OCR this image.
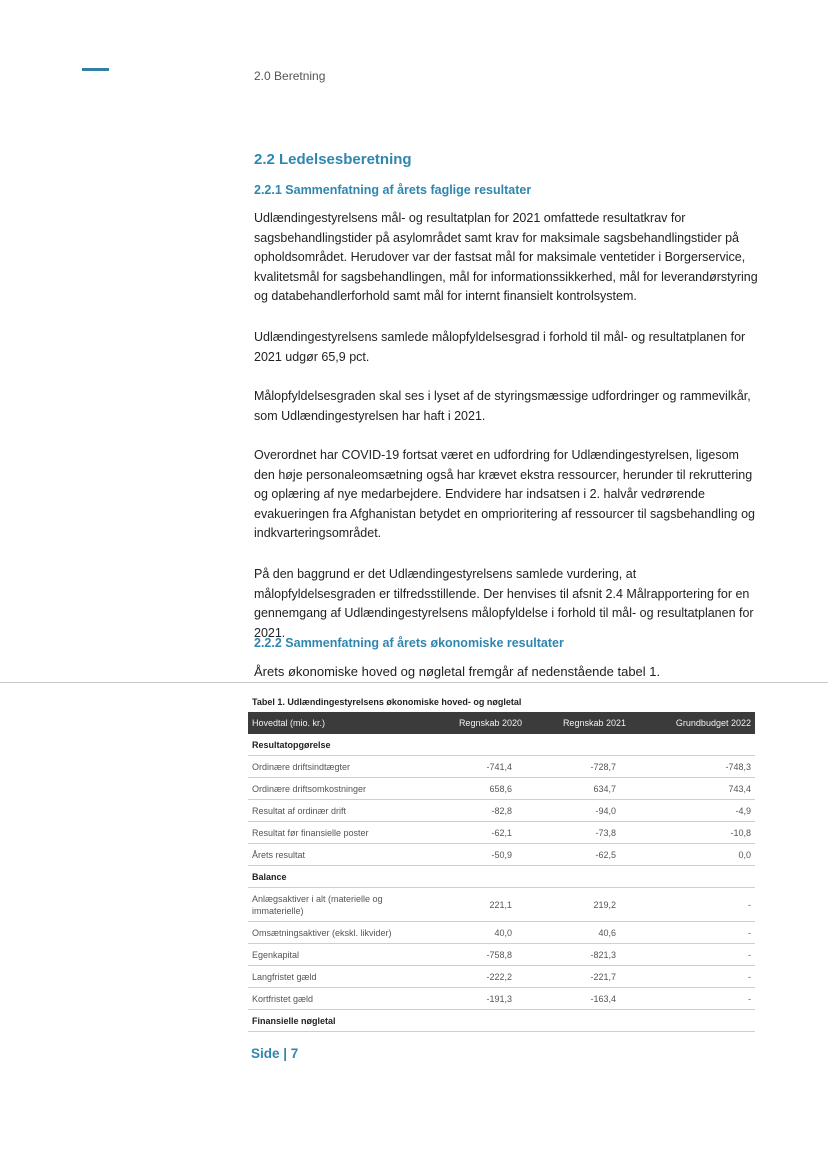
2.0 Beretning
2.2 Ledelsesberetning
2.2.1 Sammenfatning af årets faglige resultater
Udlændingestyrelsens mål- og resultatplan for 2021 omfattede resultatkrav for sagsbehandlingstider på asylområdet samt krav for maksimale sagsbehandlingstider på opholdsområdet. Herudover var der fastsat mål for maksimale ventetider i Borgerservice, kvalitetsmål for sagsbehandlingen, mål for informationssikkerhed, mål for leverandørstyring og databehandlerforhold samt mål for internt finansielt kontrolsystem.
Udlændingestyrelsens samlede målopfyldelsesgrad i forhold til mål- og resultatplanen for 2021 udgør 65,9 pct.
Målopfyldelsesgraden skal ses i lyset af de styringsmæssige udfordringer og rammevilkår, som Udlændingestyrelsen har haft i 2021.
Overordnet har COVID-19 fortsat været en udfordring for Udlændingestyrelsen, ligesom den høje personaleomsætning også har krævet ekstra ressourcer, herunder til rekruttering og oplæring af nye medarbejdere. Endvidere har indsatsen i 2. halvår vedrørende evakueringen fra Afghanistan betydet en omprioritering af ressourcer til sagsbehandling og indkvarteringsområdet.
På den baggrund er det Udlændingestyrelsens samlede vurdering, at målopfyldelsesgraden er tilfredsstillende. Der henvises til afsnit 2.4 Målrapportering for en gennemgang af Udlændingestyrelsens målopfyldelse i forhold til mål- og resultatplanen for 2021.
2.2.2 Sammenfatning af årets økonomiske resultater
Årets økonomiske hoved og nøgletal fremgår af nedenstående tabel 1.
Tabel 1. Udlændingestyrelsens økonomiske hoved- og nøgletal
Hovedtal (mio. kr.)	Regnskab 2020	Regnskab 2021	Grundbudget 2022
Resultatopgørelse			
Ordinære driftsindtægter	-741,4	-728,7	-748,3
Ordinære driftsomkostninger	658,6	634,7	743,4
Resultat af ordinær drift	-82,8	-94,0	-4,9
Resultat før finansielle poster	-62,1	-73,8	-10,8
Årets resultat	-50,9	-62,5	0,0
Balance			
Anlægsaktiver i alt (materielle og immaterielle)	221,1	219,2	-
Omsætningsaktiver (ekskl. likvider)	40,0	40,6	-
Egenkapital	-758,8	-821,3	-
Langfristet gæld	-222,2	-221,7	-
Kortfristet gæld	-191,3	-163,4	-
Finansielle nøgletal			
Side | 7
